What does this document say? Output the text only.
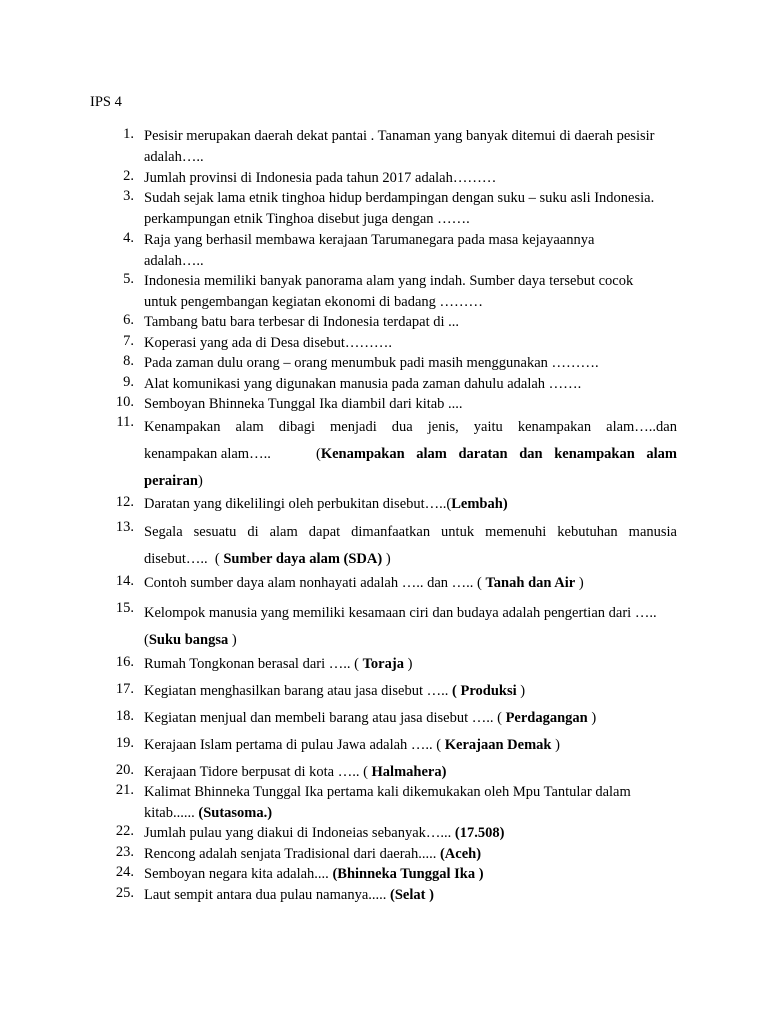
IPS 4
1. Pesisir merupakan daerah dekat pantai . Tanaman yang banyak ditemui di daerah pesisir
adalah…..
2. Jumlah provinsi di Indonesia pada tahun 2017 adalah………
3. Sudah sejak lama etnik tinghoa hidup berdampingan dengan suku – suku asli Indonesia.
perkampungan etnik Tinghoa disebut juga dengan …….
4. Raja yang berhasil membawa kerajaan Tarumanegara pada masa kejayaannya
adalah…..
5. Indonesia memiliki banyak panorama alam yang indah. Sumber daya tersebut cocok
untuk pengembangan kegiatan ekonomi di badang ………
6. Tambang batu bara terbesar di Indonesia terdapat di ...
7. Koperasi yang ada di Desa disebut……….
8. Pada zaman dulu orang – orang menumbuk padi masih menggunakan ……….
9. Alat komunikasi yang digunakan manusia pada zaman dahulu adalah …….
10. Semboyan Bhinneka Tunggal Ika diambil dari kitab ....
11. Kenampakan alam dibagi menjadi dua jenis, yaitu kenampakan alam…..dan
kenampakan alam…..	(Kenampakan alam daratan dan kenampakan alam
perairan)
12. Daratan yang dikelilingi oleh perbukitan disebut…..(Lembah)
13. Segala sesuatu di alam dapat dimanfaatkan untuk memenuhi kebutuhan manusia
disebut…..  ( Sumber daya alam (SDA) )
14. Contoh sumber daya alam nonhayati adalah ….. dan ….. ( Tanah dan Air )
15. Kelompok manusia yang memiliki kesamaan ciri dan budaya adalah pengertian dari …..
(Suku bangsa )
16. Rumah Tongkonan berasal dari ….. ( Toraja )
17. Kegiatan menghasilkan barang atau jasa disebut ….. ( Produksi )
18. Kegiatan menjual dan membeli barang atau jasa disebut ….. ( Perdagangan )
19. Kerajaan Islam pertama di pulau Jawa adalah ….. ( Kerajaan Demak )
20. Kerajaan Tidore berpusat di kota ….. ( Halmahera)
21. Kalimat Bhinneka Tunggal Ika pertama kali dikemukakan oleh Mpu Tantular dalam
kitab...... (Sutasoma.)
22. Jumlah pulau yang diakui di Indoneias sebanyak…... (17.508)
23. Rencong adalah senjata Tradisional dari daerah..... (Aceh)
24. Semboyan negara kita adalah.... (Bhinneka Tunggal Ika )
25. Laut sempit antara dua pulau namanya..... (Selat )
